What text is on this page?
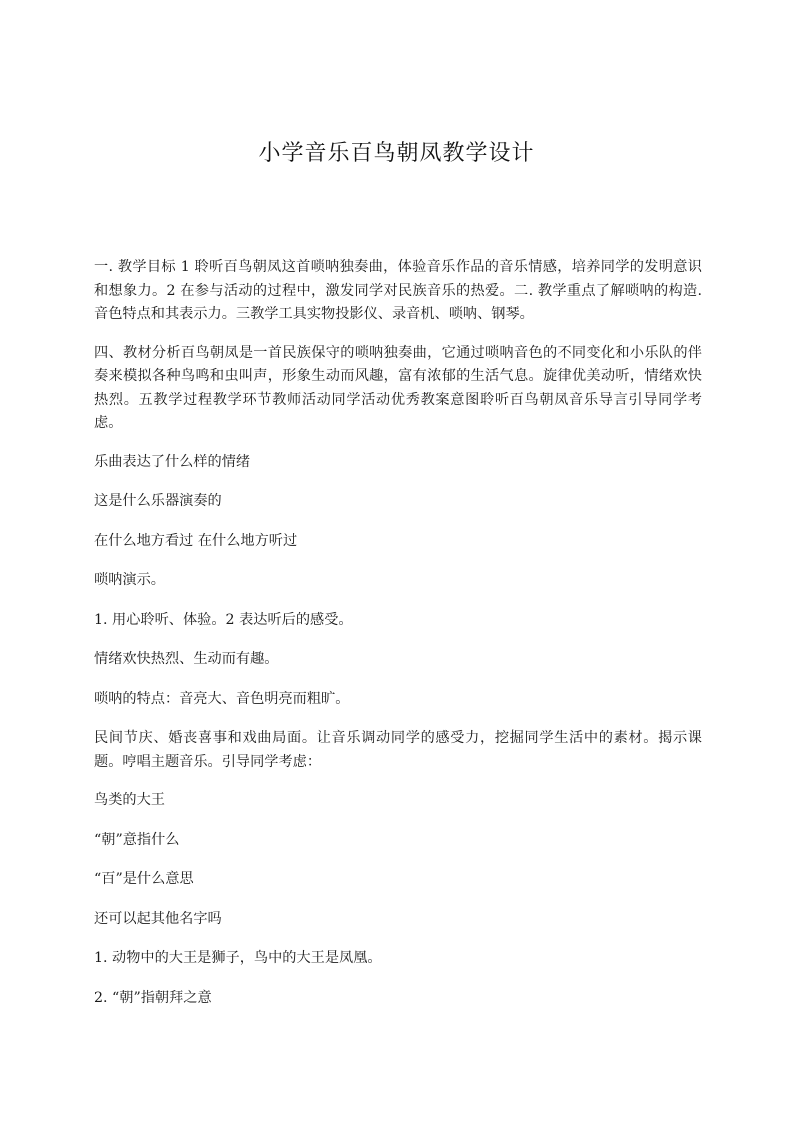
小学音乐百鸟朝凤教学设计

一. 教学目标 1 聆听百鸟朝凤这首唢呐独奏曲，体验音乐作品的音乐情感，培养同学的发明意识和想象力。2 在参与活动的过程中，激发同学对民族音乐的热爱。二. 教学重点了解唢呐的构造. 音色特点和其表示力。三教学工具实物投影仪、录音机、唢呐、钢琴。

四、教材分析百鸟朝凤是一首民族保守的唢呐独奏曲，它通过唢呐音色的不同变化和小乐队的伴奏来模拟各种鸟鸣和虫叫声，形象生动而风趣，富有浓郁的生活气息。旋律优美动听，情绪欢快热烈。五教学过程教学环节教师活动同学活动优秀教案意图聆听百鸟朝凤音乐导言引导同学考虑。

乐曲表达了什么样的情绪

这是什么乐器演奏的

在什么地方看过 在什么地方听过

唢呐演示。

1. 用心聆听、体验。2 表达听后的感受。

情绪欢快热烈、生动而有趣。

唢呐的特点：音亮大、音色明亮而粗旷。

民间节庆、婚丧喜事和戏曲局面。让音乐调动同学的感受力，挖掘同学生活中的素材。揭示课题。哼唱主题音乐。引导同学考虑：

鸟类的大王

“朝”意指什么

“百”是什么意思

还可以起其他名字吗

1. 动物中的大王是狮子，鸟中的大王是凤凰。

2. “朝”指朝拜之意
